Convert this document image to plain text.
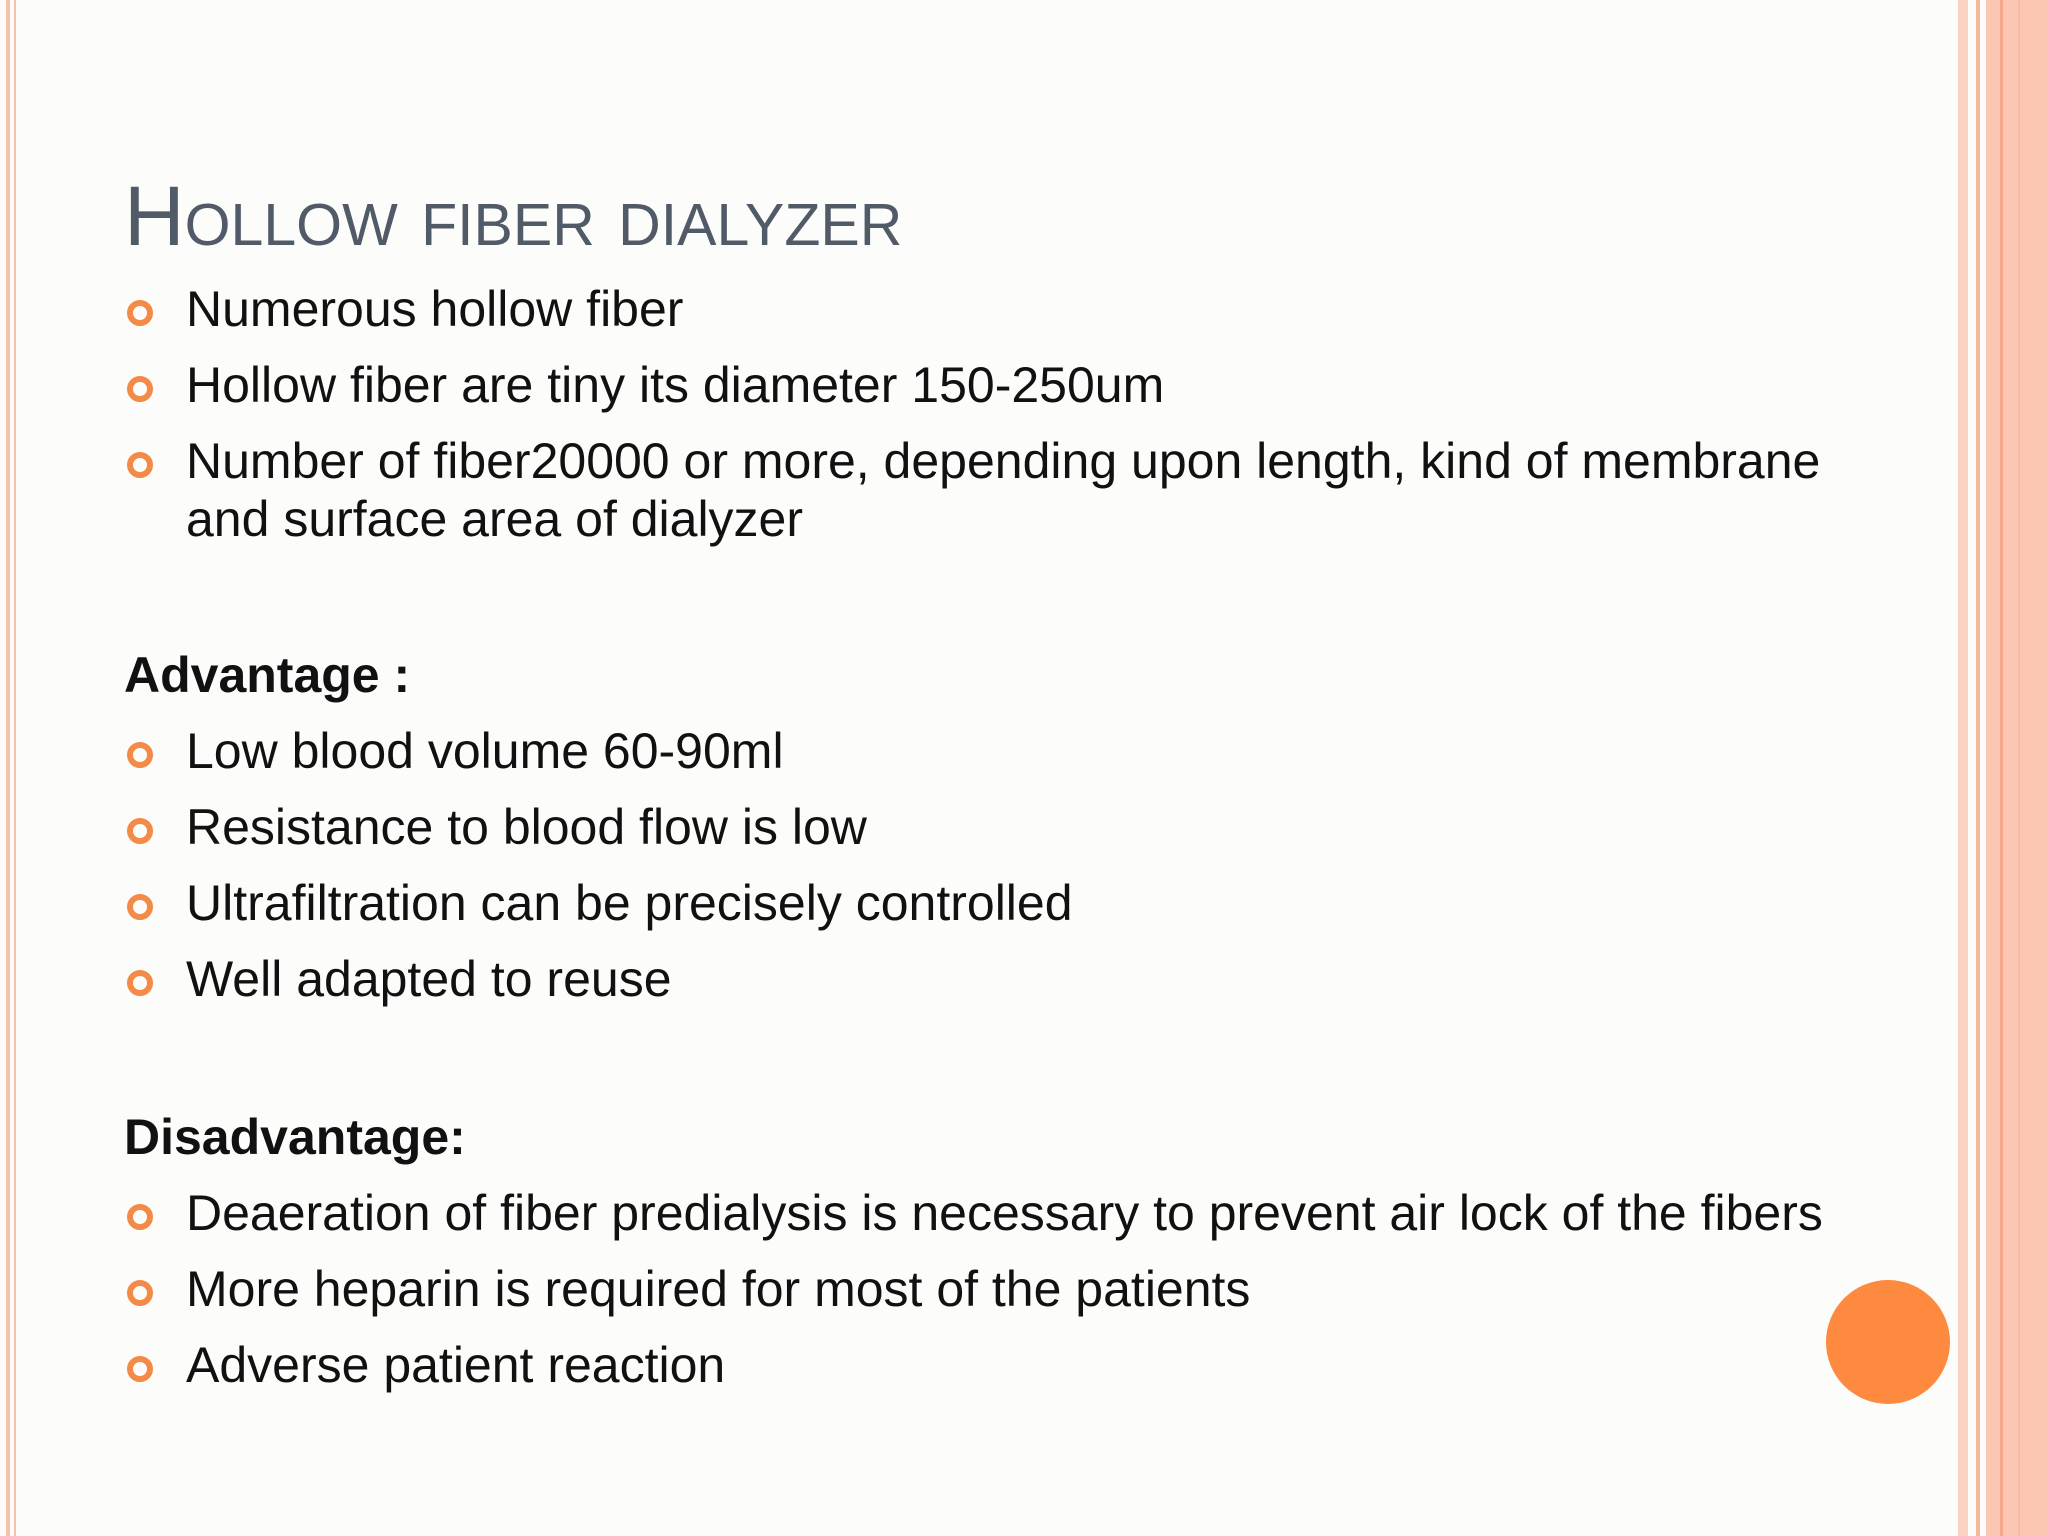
Hollow fiber dialyzer
Numerous hollow fiber
Hollow fiber are tiny its diameter 150-250um
Number of fiber20000 or more, depending upon length, kind of membrane and surface area of dialyzer

Advantage :

Low blood volume 60-90ml
Resistance to blood flow is low
Ultrafiltration can be precisely controlled
Well adapted to reuse

Disadvantage:

Deaeration of fiber predialysis is necessary to prevent air lock of the fibers
More heparin is required for most of the patients
Adverse patient reaction
